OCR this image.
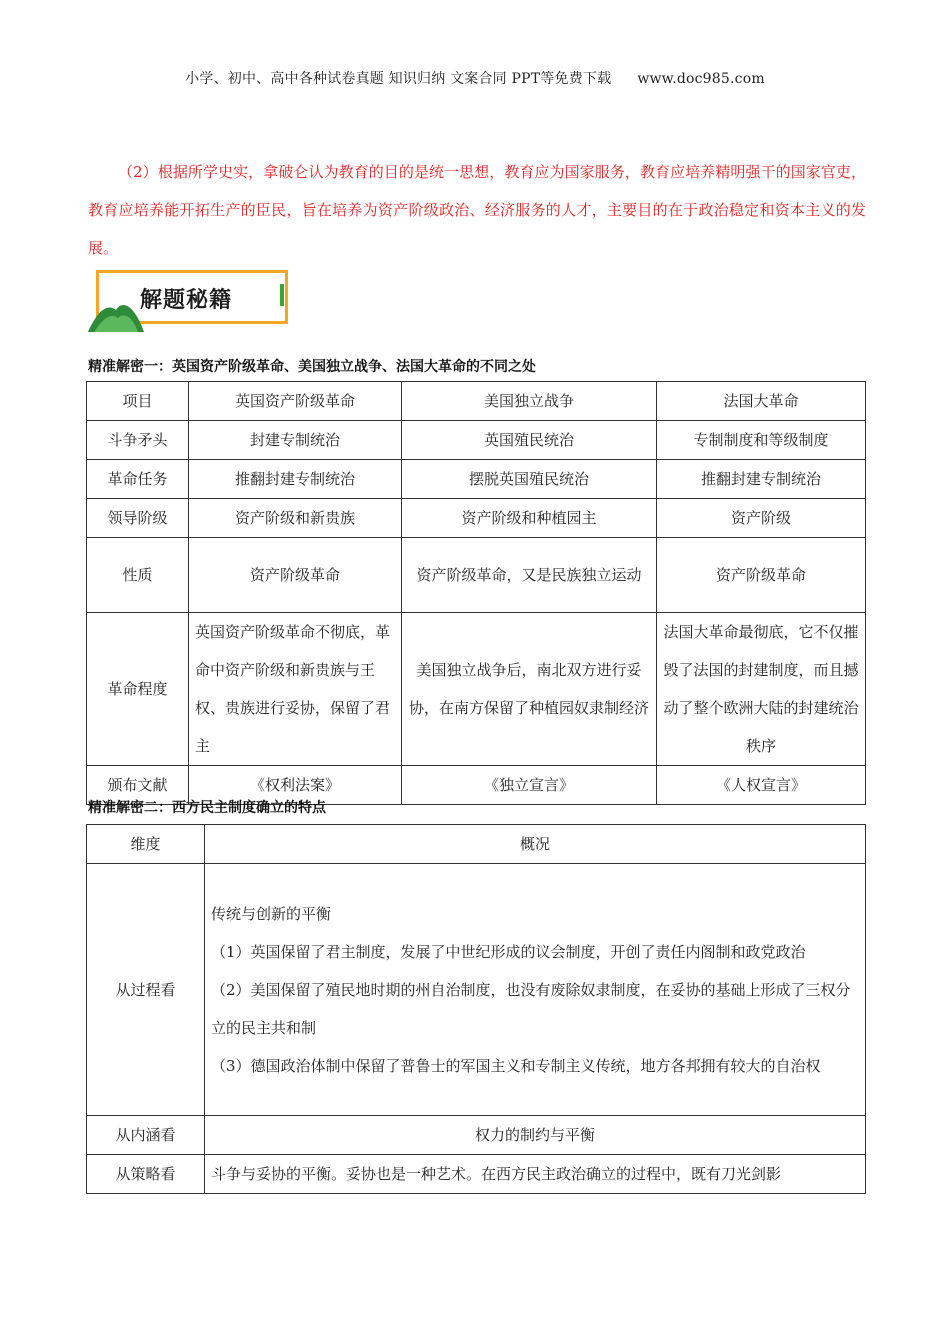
小学、初中、高中各种试卷真题 知识归纳 文案合同 PPT等免费下载 www.doc985.com
（2）根据所学史实，拿破仑认为教育的目的是统一思想，教育应为国家服务，教育应培养精明强干的国家官吏，教育应培养能开拓生产的臣民，旨在培养为资产阶级政治、经济服务的人才，主要目的在于政治稳定和资本主义的发展。
解题秘籍
精准解密一：英国资产阶级革命、美国独立战争、法国大革命的不同之处
项目	英国资产阶级革命	美国独立战争	法国大革命
斗争矛头	封建专制统治	英国殖民统治	专制制度和等级制度
革命任务	推翻封建专制统治	摆脱英国殖民统治	推翻封建专制统治
领导阶级	资产阶级和新贵族	资产阶级和种植园主	资产阶级
性质	资产阶级革命	资产阶级革命，又是民族独立运动	资产阶级革命
革命程度	英国资产阶级革命不彻底，革命中资产阶级和新贵族与王权、贵族进行妥协，保留了君主	美国独立战争后，南北双方进行妥协，在南方保留了种植园奴隶制经济	法国大革命最彻底，它不仅摧毁了法国的封建制度，而且撼动了整个欧洲大陆的封建统治秩序
颁布文献	《权利法案》	《独立宣言》	《人权宣言》
精准解密二：西方民主制度确立的特点
维度	概况
从过程看	传统与创新的平衡
（1）英国保留了君主制度，发展了中世纪形成的议会制度，开创了责任内阁制和政党政治
（2）美国保留了殖民地时期的州自治制度，也没有废除奴隶制度，在妥协的基础上形成了三权分立的民主共和制
（3）德国政治体制中保留了普鲁士的军国主义和专制主义传统，地方各邦拥有较大的自治权

从内涵看	权力的制约与平衡
从策略看	斗争与妥协的平衡。妥协也是一种艺术。在西方民主政治确立的过程中，既有刀光剑影
